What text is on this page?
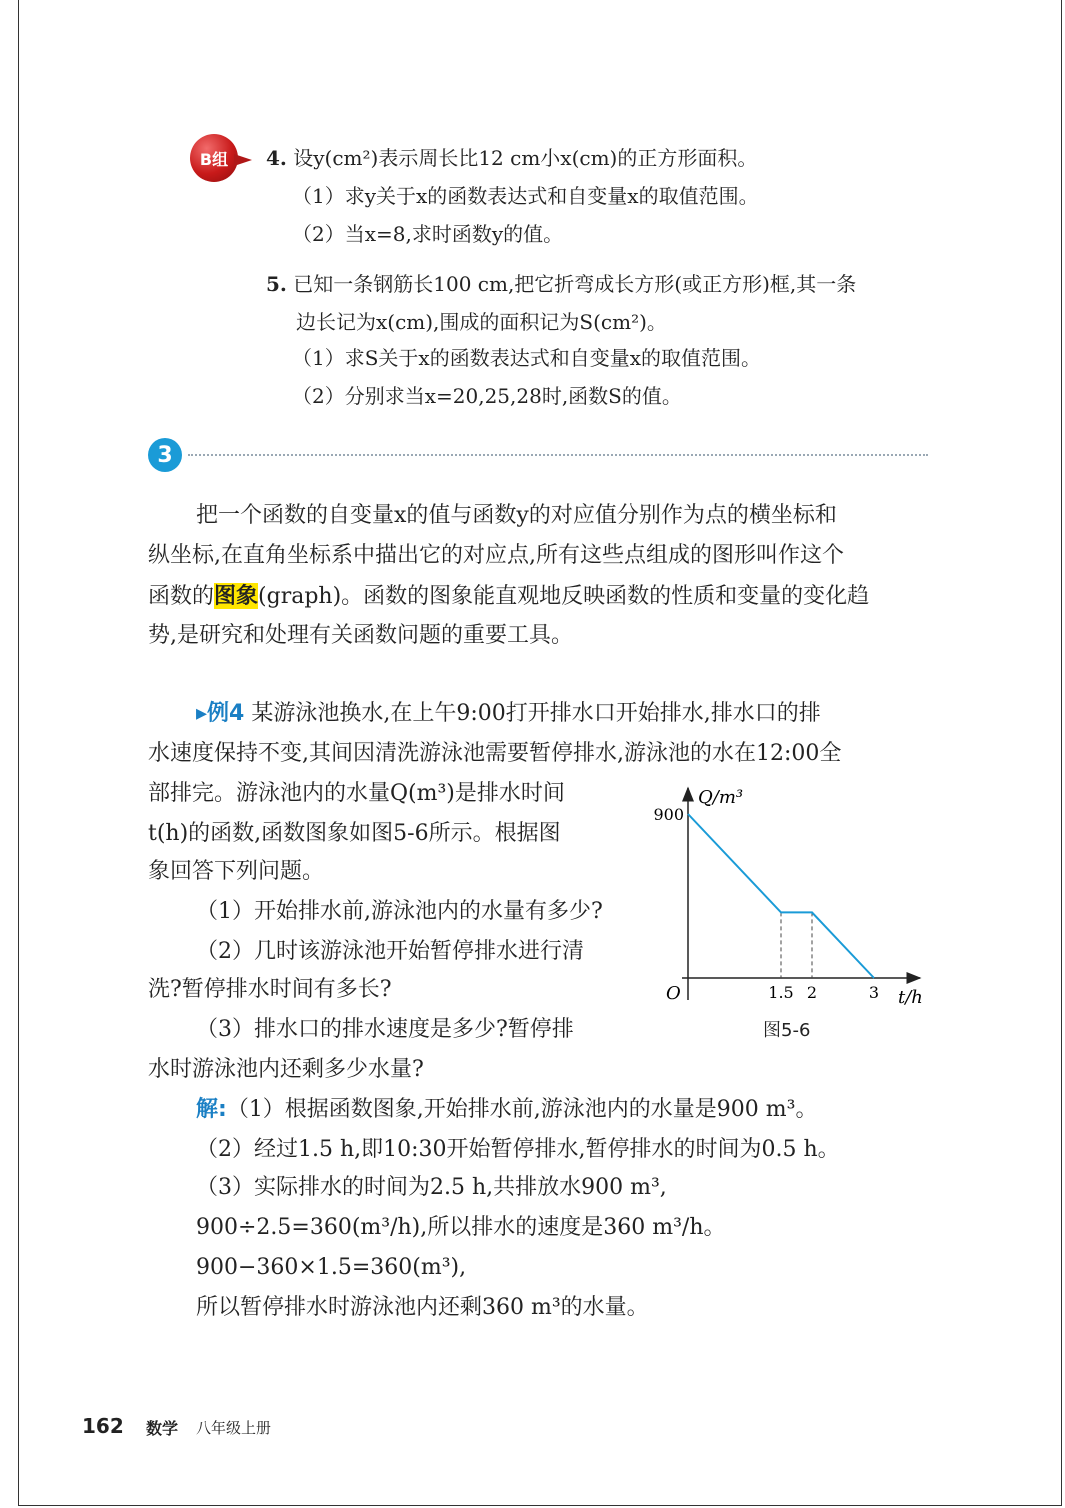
B组	4. 设y(cm²)表示周长比12 cm小x(cm)的正方形面积。
（1）求y关于x的函数表达式和自变量x的取值范围。
（2）当x=8,求时函数y的值。
5. 已知一条钢筋长100 cm,把它折弯成长方形(或正方形)框,其一条
边长记为x(cm),围成的面积记为S(cm²)。
（1）求S关于x的函数表达式和自变量x的取值范围。
（2）分别求当x=20,25,28时,函数S的值。
3
把一个函数的自变量x的值与函数y的对应值分别作为点的横坐标和
纵坐标,在直角坐标系中描出它的对应点,所有这些点组成的图形叫作这个
函数的图象(graph)。函数的图象能直观地反映函数的性质和变量的变化趋
势,是研究和处理有关函数问题的重要工具。
▸例4 某游泳池换水,在上午9:00打开排水口开始排水,排水口的排
水速度保持不变,其间因清洗游泳池需要暂停排水,游泳池的水在12:00全
部排完。游泳池内的水量Q(m³)是排水时间
t(h)的函数,函数图象如图5-6所示。根据图
象回答下列问题。
（1）开始排水前,游泳池内的水量有多少?
（2）几时该游泳池开始暂停排水进行清
洗?暂停排水时间有多长?
（3）排水口的排水速度是多少?暂停排
水时游泳池内还剩多少水量?
O	t/h
Q/m³
1.5 2	3
900
图5-6
解:（1）根据函数图象,开始排水前,游泳池内的水量是900 m³。
（2）经过1.5 h,即10:30开始暂停排水,暂停排水的时间为0.5 h。
（3）实际排水的时间为2.5 h,共排放水900 m³,
900÷2.5=360(m³/h),所以排水的速度是360 m³/h。
900−360×1.5=360(m³),
所以暂停排水时游泳池内还剩360 m³的水量。
162 数学 八年级上册
